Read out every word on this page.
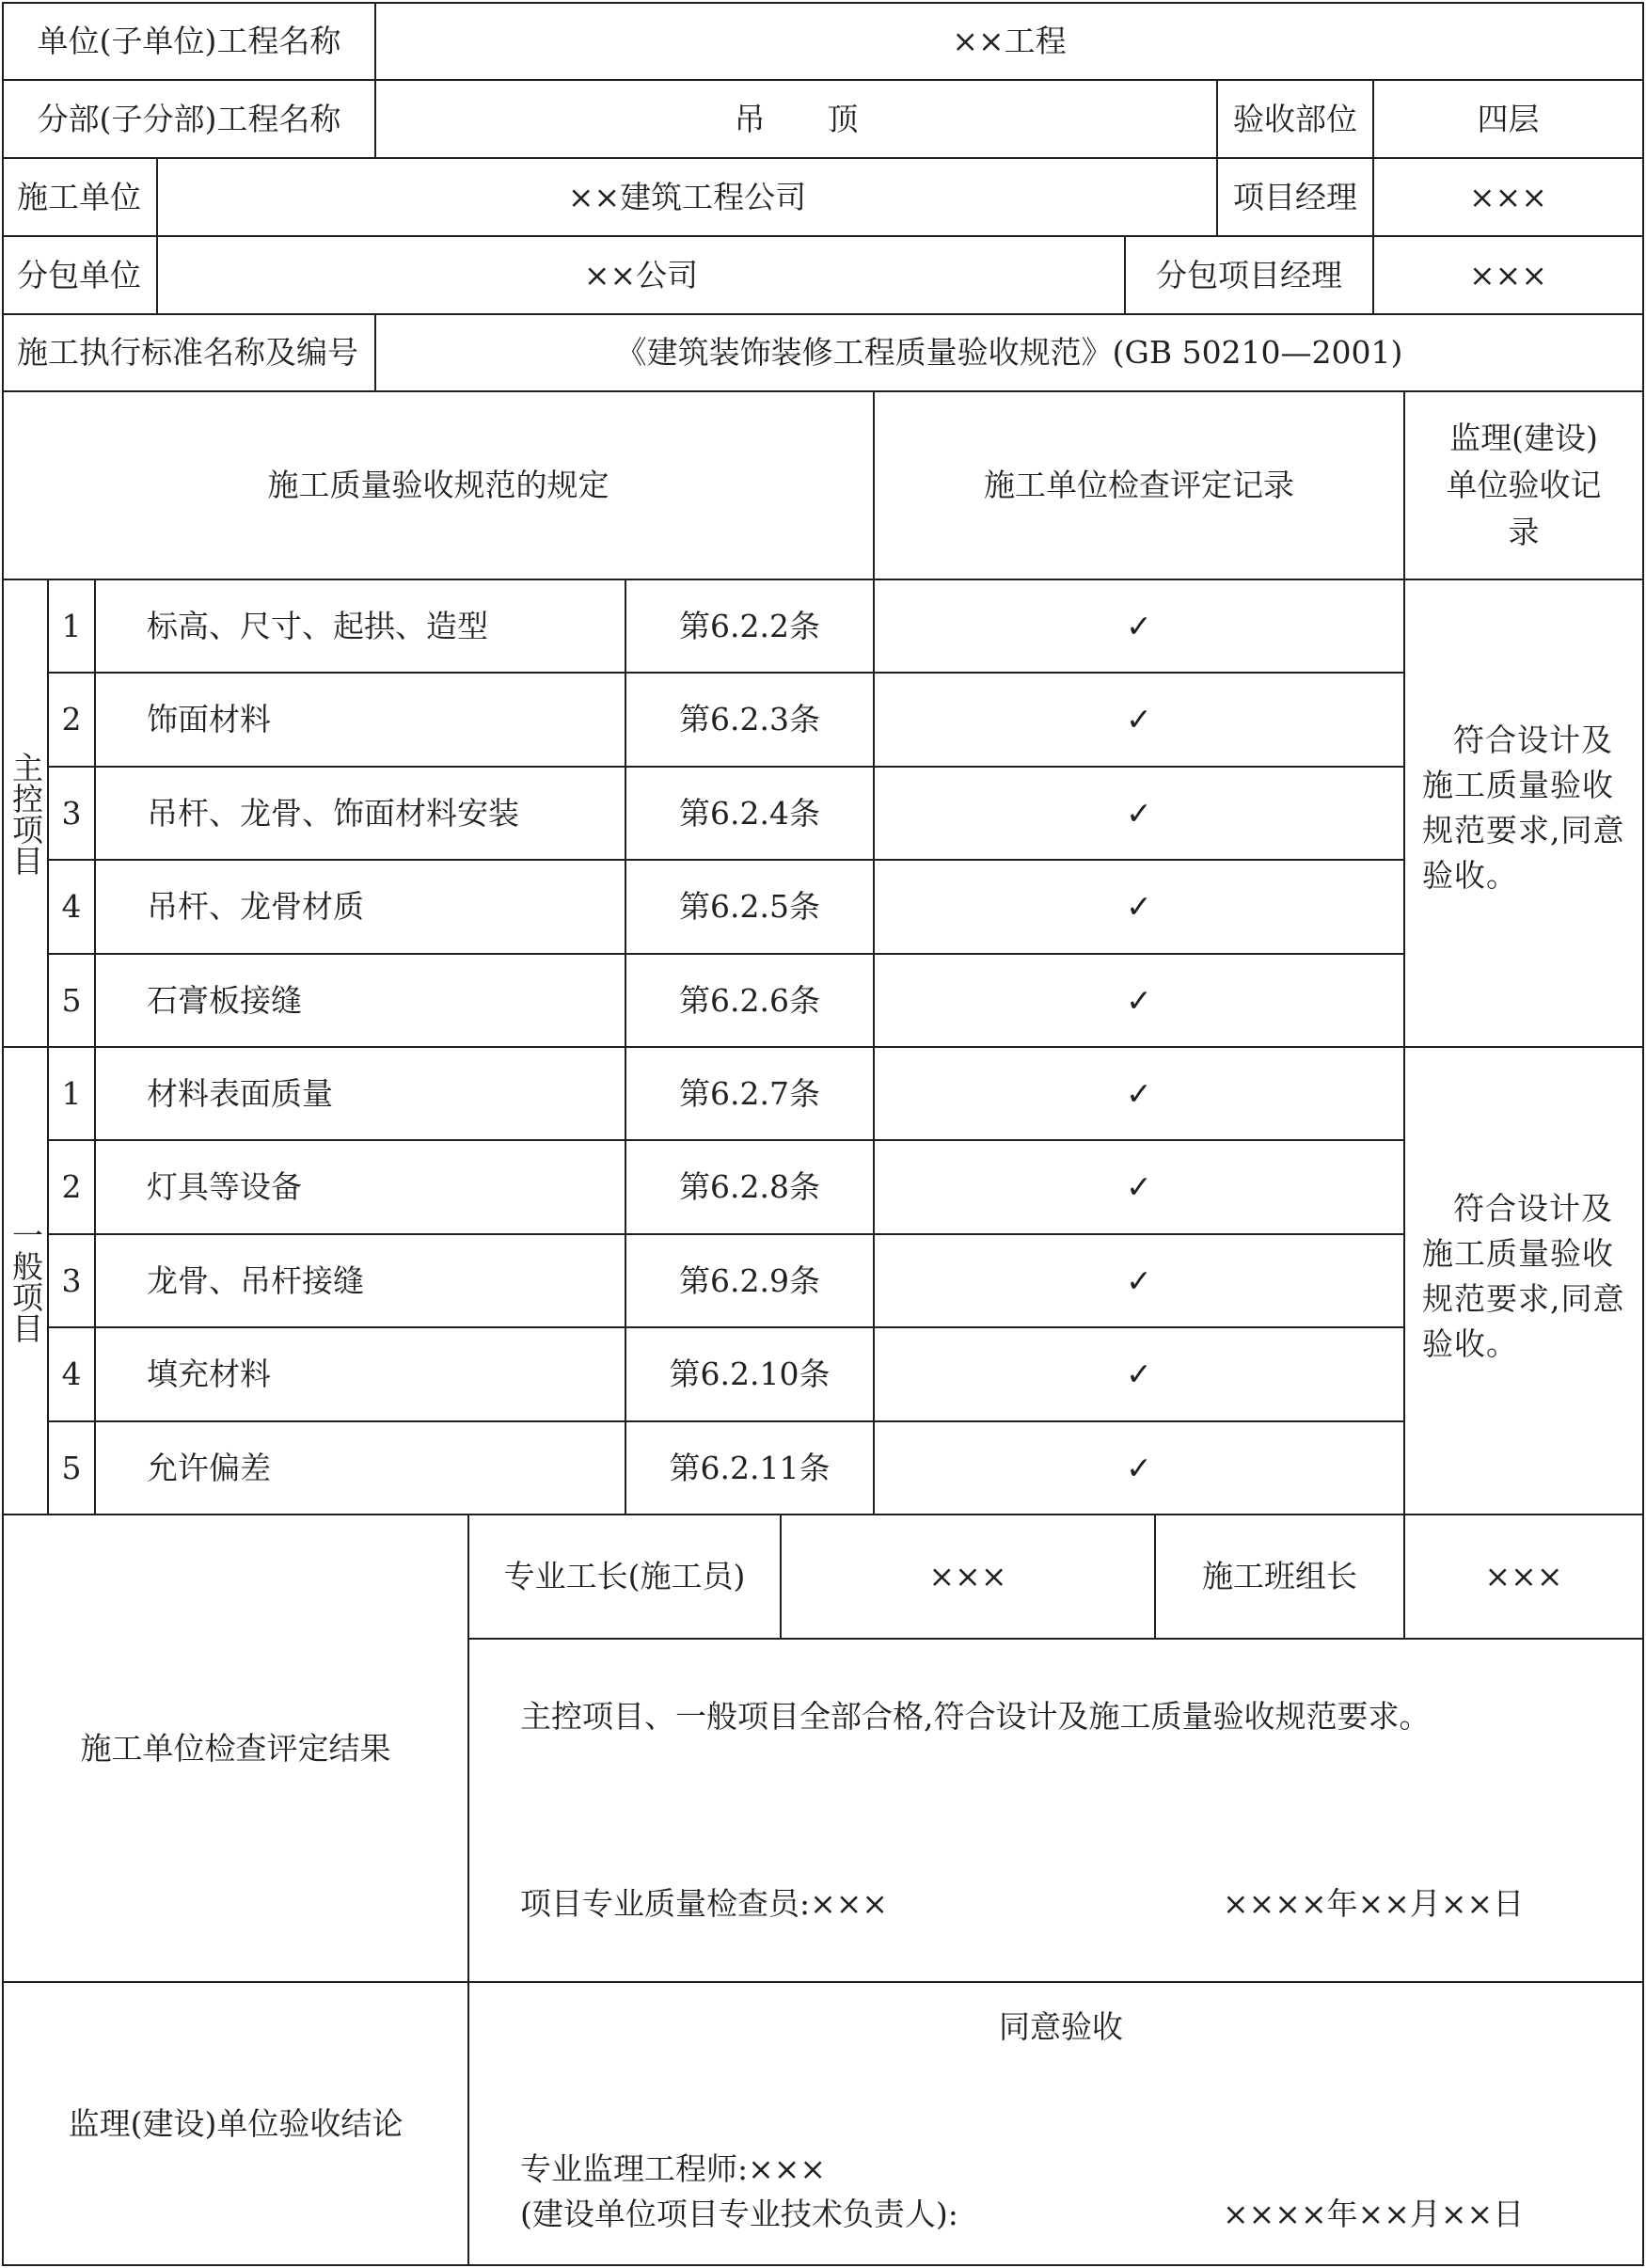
单位(子单位)工程名称	××工程
分部(子分部)工程名称	吊　　顶	验收部位	四层
施工单位	××建筑工程公司	项目经理	×××
分包单位	××公司	分包项目经理	×××
施工执行标准名称及编号	《建筑装饰装修工程质量验收规范》(GB 50210—2001)
施工质量验收规范的规定	施工单位检查评定记录
监理(建设)单位验收记录
主控项目
1	标高、尺寸、起拱、造型	第6.2.2条	✓
2	饰面材料	第6.2.3条	✓
3	吊杆、龙骨、饰面材料安装	第6.2.4条	✓
4	吊杆、龙骨材质	第6.2.5条	✓
5	石膏板接缝	第6.2.6条	✓
符合设计及施工质量验收规范要求,同意验收。
一般项目
1	材料表面质量	第6.2.7条	✓
2	灯具等设备	第6.2.8条	✓
3	龙骨、吊杆接缝	第6.2.9条	✓
4	填充材料	第6.2.10条	✓
5	允许偏差	第6.2.11条	✓
符合设计及施工质量验收规范要求,同意验收。
专业工长(施工员)	×××	施工班组长	×××
施工单位检查评定结果
主控项目、一般项目全部合格,符合设计及施工质量验收规范要求。
项目专业质量检查员:×××	××××年××月××日
监理(建设)单位验收结论
同意验收
专业监理工程师:×××
(建设单位项目专业技术负责人):	××××年××月××日
